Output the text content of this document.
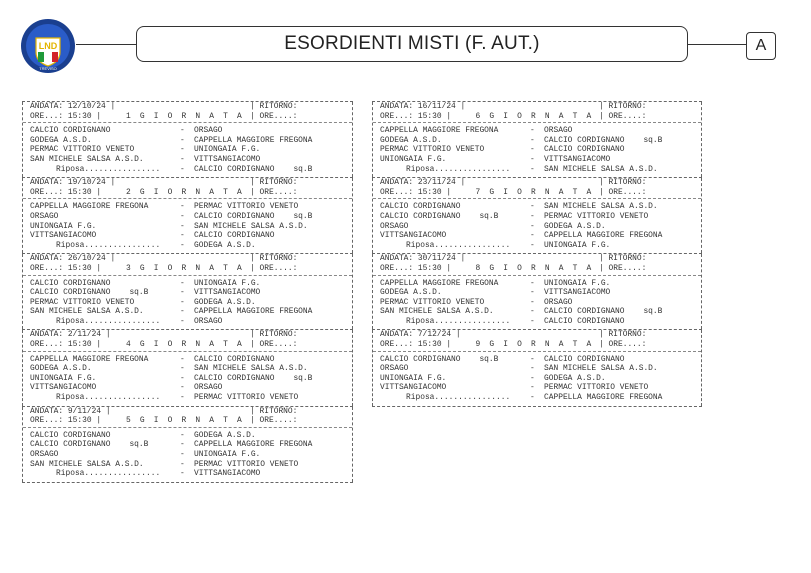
LND
TREVISO
ESORDIENTI MISTI (F. AUT.)	A
ANDATA: 12/10/24 |	| RITORNO:
ORE...: 15:30 |	1 G I O R N A T A | ORE....:
CALCIO CORDIGNANO	-	ORSAGO
GODEGA A.S.D.	-	CAPPELLA MAGGIORE FREGONA
PERMAC VITTORIO VENETO	-	UNIONGAIA F.G.
SAN MICHELE SALSA A.S.D.	-	VITTSANGIACOMO
Riposa................	-	CALCIO CORDIGNANO    sq.B
ANDATA: 19/10/24 |	| RITORNO:
ORE...: 15:30 |	2 G I O R N A T A | ORE....:
CAPPELLA MAGGIORE FREGONA	-	PERMAC VITTORIO VENETO
ORSAGO	-	CALCIO CORDIGNANO    sq.B
UNIONGAIA F.G.	-	SAN MICHELE SALSA A.S.D.
VITTSANGIACOMO	-	CALCIO CORDIGNANO
Riposa................	-	GODEGA A.S.D.
ANDATA: 26/10/24 |	| RITORNO:
ORE...: 15:30 |	3 G I O R N A T A | ORE....:
CALCIO CORDIGNANO	-	UNIONGAIA F.G.
CALCIO CORDIGNANO    sq.B	-	VITTSANGIACOMO
PERMAC VITTORIO VENETO	-	GODEGA A.S.D.
SAN MICHELE SALSA A.S.D.	-	CAPPELLA MAGGIORE FREGONA
Riposa................	-	ORSAGO
ANDATA: 2/11/24 |	| RITORNO:
ORE...: 15:30 |	4 G I O R N A T A | ORE....:
CAPPELLA MAGGIORE FREGONA	-	CALCIO CORDIGNANO
GODEGA A.S.D.	-	SAN MICHELE SALSA A.S.D.
UNIONGAIA F.G.	-	CALCIO CORDIGNANO    sq.B
VITTSANGIACOMO	-	ORSAGO
Riposa................	-	PERMAC VITTORIO VENETO
ANDATA: 9/11/24 |	| RITORNO:
ORE...: 15:30 |	5 G I O R N A T A | ORE....:
CALCIO CORDIGNANO	-	GODEGA A.S.D.
CALCIO CORDIGNANO    sq.B	-	CAPPELLA MAGGIORE FREGONA
ORSAGO	-	UNIONGAIA F.G.
SAN MICHELE SALSA A.S.D.	-	PERMAC VITTORIO VENETO
Riposa................	-	VITTSANGIACOMO
ANDATA: 16/11/24 |	| RITORNO:
ORE...: 15:30 |	6 G I O R N A T A | ORE....:
CAPPELLA MAGGIORE FREGONA	-	ORSAGO
GODEGA A.S.D.	-	CALCIO CORDIGNANO    sq.B
PERMAC VITTORIO VENETO	-	CALCIO CORDIGNANO
UNIONGAIA F.G.	-	VITTSANGIACOMO
Riposa................	-	SAN MICHELE SALSA A.S.D.
ANDATA: 23/11/24 |	| RITORNO:
ORE...: 15:30 |	7 G I O R N A T A | ORE....:
CALCIO CORDIGNANO	-	SAN MICHELE SALSA A.S.D.
CALCIO CORDIGNANO    sq.B	-	PERMAC VITTORIO VENETO
ORSAGO	-	GODEGA A.S.D.
VITTSANGIACOMO	-	CAPPELLA MAGGIORE FREGONA
Riposa................	-	UNIONGAIA F.G.
ANDATA: 30/11/24 |	| RITORNO:
ORE...: 15:30 |	8 G I O R N A T A | ORE....:
CAPPELLA MAGGIORE FREGONA	-	UNIONGAIA F.G.
GODEGA A.S.D.	-	VITTSANGIACOMO
PERMAC VITTORIO VENETO	-	ORSAGO
SAN MICHELE SALSA A.S.D.	-	CALCIO CORDIGNANO    sq.B
Riposa................	-	CALCIO CORDIGNANO
ANDATA: 7/12/24 |	| RITORNO:
ORE...: 15:30 |	9 G I O R N A T A | ORE....:
CALCIO CORDIGNANO    sq.B	-	CALCIO CORDIGNANO
ORSAGO	-	SAN MICHELE SALSA A.S.D.
UNIONGAIA F.G.	-	GODEGA A.S.D.
VITTSANGIACOMO	-	PERMAC VITTORIO VENETO
Riposa................	-	CAPPELLA MAGGIORE FREGONA
